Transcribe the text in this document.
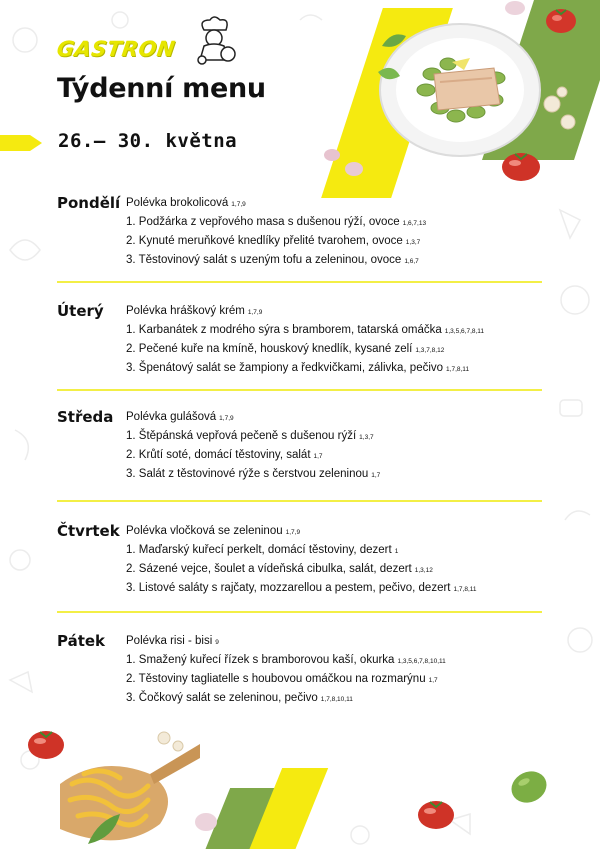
GASTRON
Týdenní menu
26.– 30. května
Pondělí Polévka brokolicová 1,7,9
1. Podžárka z vepřového masa s dušenou rýží, ovoce 1,6,7,13
2. Kynuté meruňkové knedlíky přelité tvarohem, ovoce 1,3,7
3. Těstovinový salát s uzeným tofu a zeleninou, ovoce 1,6,7
Úterý Polévka hráškový krém 1,7,9
1. Karbanátek z modrého sýra s bramborem, tatarská omáčka 1,3,5,6,7,8,11
2. Pečené kuře na kmíně, houskový knedlík, kysané zelí 1,3,7,8,12
3. Špenátový salát se žampiony a ředkvičkami, zálivka, pečivo 1,7,8,11
Středa Polévka gulášová 1,7,9
1. Štěpánská vepřová pečeně s dušenou rýží 1,3,7
2. Krůtí soté, domácí těstoviny, salát 1,7
3. Salát z těstovinové rýže s čerstvou zeleninou 1,7
Čtvrtek Polévka vločková se zeleninou 1,7,9
1. Maďarský kuřecí perkelt, domácí těstoviny, dezert 1
2. Sázené vejce, šoulet a vídeňská cibulka, salát, dezert 1,3,12
3. Listové saláty s rajčaty, mozzarellou a pestem, pečivo, dezert 1,7,8,11
Pátek Polévka risi - bisi 9
1. Smažený kuřecí řízek s bramborovou kaší, okurka 1,3,5,6,7,8,10,11
2. Těstoviny tagliatelle s houbovou omáčkou na rozmarýnu 1,7
3. Čočkový salát se zeleninou, pečivo 1,7,8,10,11
